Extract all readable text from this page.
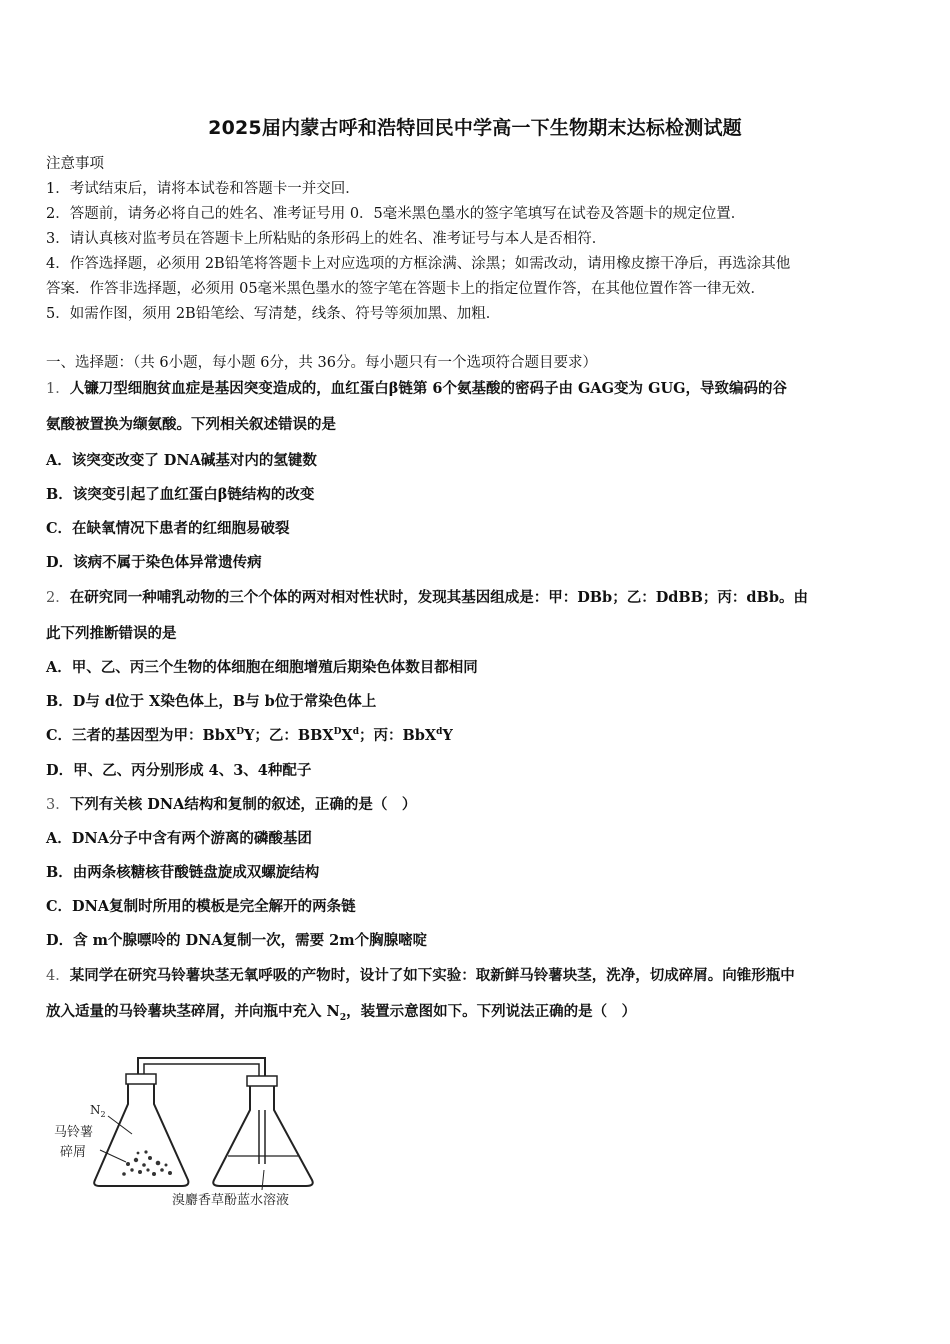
2025届内蒙古呼和浩特回民中学高一下生物期末达标检测试题
注意事项
1．考试结束后，请将本试卷和答题卡一并交回．
2．答题前，请务必将自己的姓名、准考证号用 0．5毫米黑色墨水的签字笔填写在试卷及答题卡的规定位置．
3．请认真核对监考员在答题卡上所粘贴的条形码上的姓名、准考证号与本人是否相符．
4．作答选择题，必须用 2B铅笔将答题卡上对应选项的方框涂满、涂黑；如需改动，请用橡皮擦干净后，再选涂其他
答案．作答非选择题，必须用 05毫米黑色墨水的签字笔在答题卡上的指定位置作答，在其他位置作答一律无效．
5．如需作图，须用 2B铅笔绘、写清楚，线条、符号等须加黑、加粗．
一、选择题：（共 6小题，每小题 6分，共 36分。每小题只有一个选项符合题目要求）
1．人镰刀型细胞贫血症是基因突变造成的，血红蛋白β链第 6个氨基酸的密码子由 GAG变为 GUG，导致编码的谷
氨酸被置换为缬氨酸。下列相关叙述错误的是
A．该突变改变了 DNA碱基对内的氢键数
B．该突变引起了血红蛋白β链结构的改变
C．在缺氧情况下患者的红细胞易破裂
D．该病不属于染色体异常遗传病
2．在研究同一种哺乳动物的三个个体的两对相对性状时，发现其基因组成是：甲：DBb；乙：DdBB；丙：dBb。由
此下列推断错误的是
A．甲、乙、丙三个生物的体细胞在细胞增殖后期染色体数目都相同
B．D与 d位于 X染色体上，B与 b位于常染色体上
C．三者的基因型为甲：BbX$^D$Y；乙：$BBX^DX^d$；丙：BbX$^d$Y
D．甲、乙、丙分别形成 4、3、4种配子
3．下列有关核 DNA结构和复制的叙述，正确的是（　）
A．DNA分子中含有两个游离的磷酸基团
B．由两条核糖核苷酸链盘旋成双螺旋结构
C．DNA复制时所用的模板是完全解开的两条链
D．含 m个腺嘌呤的 DNA复制一次，需要 2m个胸腺嘧啶
4．某同学在研究马铃薯块茎无氧呼吸的产物时，设计了如下实验：取新鲜马铃薯块茎，洗净，切成碎屑。向锥形瓶中
放入适量的马铃薯块茎碎屑，并向瓶中充入 $N_2$，装置示意图如下。下列说法正确的是（　）
$N_2$
马铃薯
碎屑
溴麝香草酚蓝水溶液
